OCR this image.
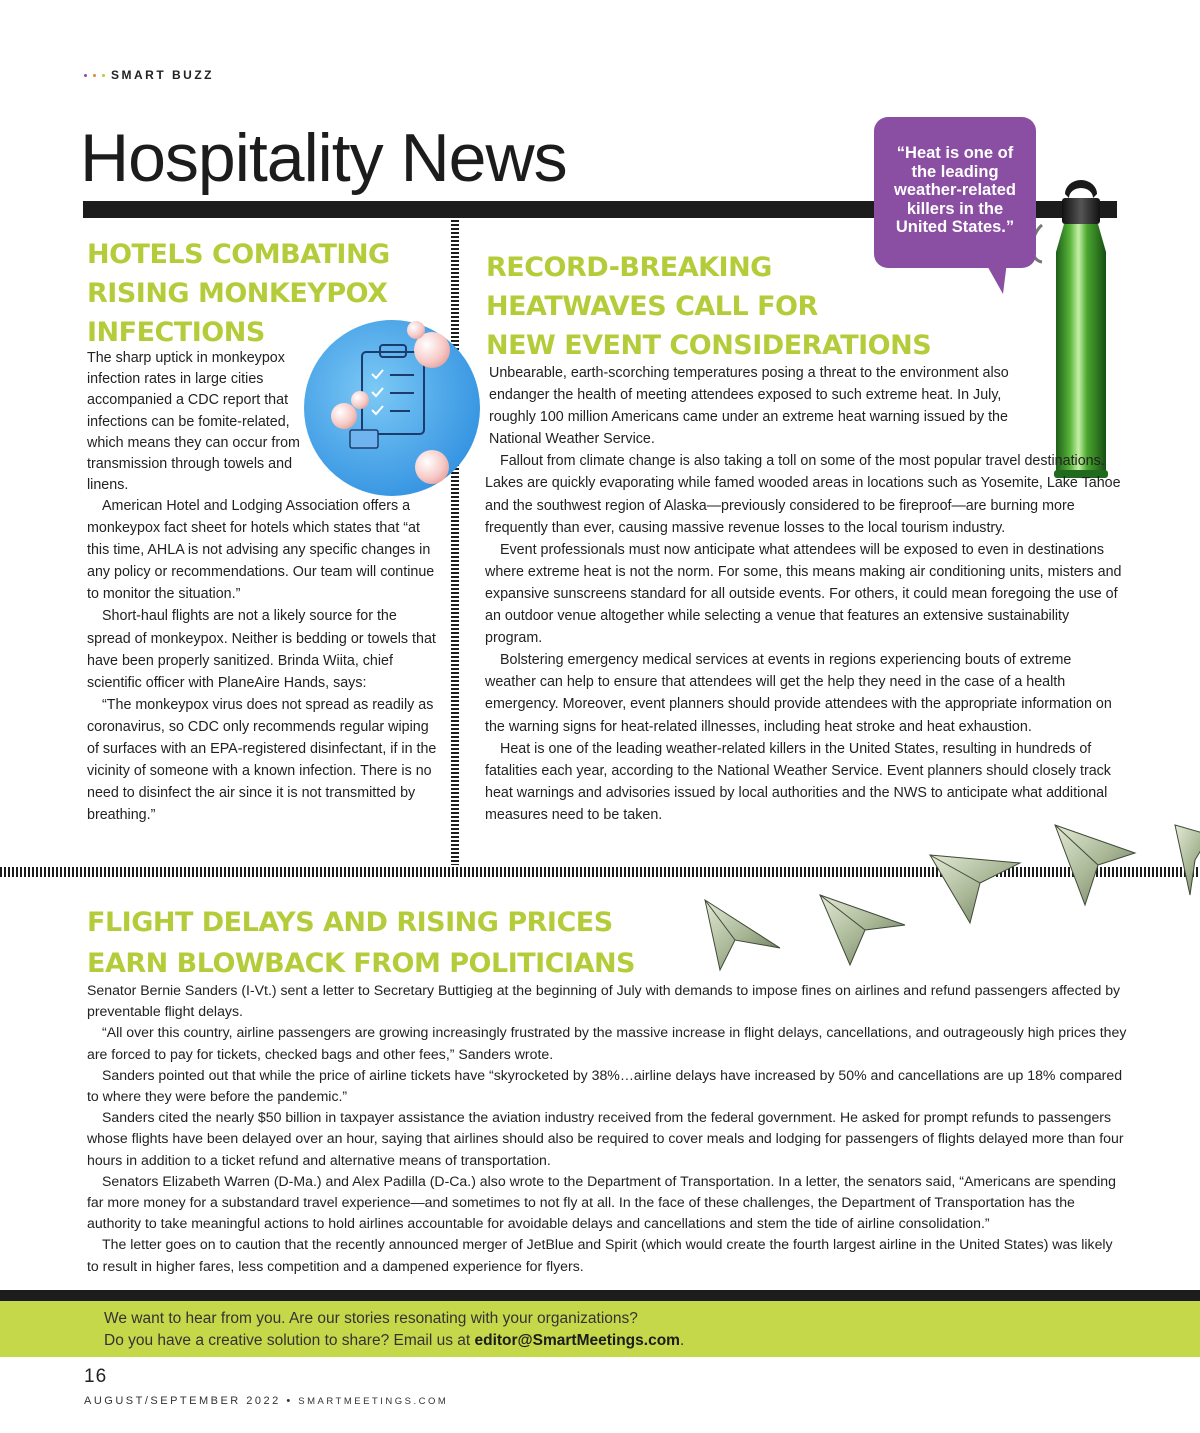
SMART BUZZ
Hospitality News	“Heat is one of the leading weather-related killers in the United States.”
HOTELS COMBATING
RISING MONKEYPOX
INFECTIONS

The sharp uptick in monkeypox infection rates in large cities accompanied a CDC report that infections can be fomite-related, which means they can occur from transmission through towels and linens.

American Hotel and Lodging Association offers a monkeypox fact sheet for hotels which states that “at this time, AHLA is not advising any specific changes in any policy or recommendations. Our team will continue to monitor the situation.”

Short-haul flights are not a likely source for the spread of monkeypox. Neither is bedding or towels that have been properly sanitized. Brinda Wiita, chief scientific officer with PlaneAire Hands, says:

“The monkeypox virus does not spread as readily as coronavirus, so CDC only recommends regular wiping of surfaces with an EPA-registered disinfectant, if in the vicinity of someone with a known infection. There is no need to disinfect the air since it is not transmitted by breathing.”

RECORD-BREAKING
HEATWAVES CALL FOR
NEW EVENT CONSIDERATIONS

Unbearable, earth-scorching temperatures posing a threat to the environment also endanger the health of meeting attendees exposed to such extreme heat. In July, roughly 100 million Americans came under an extreme heat warning issued by the National Weather Service.

Fallout from climate change is also taking a toll on some of the most popular travel destinations. Lakes are quickly evaporating while famed wooded areas in locations such as Yosemite, Lake Tahoe and the southwest region of Alaska—previously considered to be fireproof—are burning more frequently than ever, causing massive revenue losses to the local tourism industry.

Event professionals must now anticipate what attendees will be exposed to even in destinations where extreme heat is not the norm. For some, this means making air conditioning units, misters and expansive sunscreens standard for all outside events. For others, it could mean foregoing the use of an outdoor venue altogether while selecting a venue that features an extensive sustainability program.

Bolstering emergency medical services at events in regions experiencing bouts of extreme weather can help to ensure that attendees will get the help they need in the case of a health emergency. Moreover, event planners should provide attendees with the appropriate information on the warning signs for heat-related illnesses, including heat stroke and heat exhaustion.

Heat is one of the leading weather-related killers in the United States, resulting in hundreds of fatalities each year, according to the National Weather Service. Event planners should closely track heat warnings and advisories issued by local authorities and the NWS to anticipate what additional measures need to be taken.

FLIGHT DELAYS AND RISING PRICES
EARN BLOWBACK FROM POLITICIANS

Senator Bernie Sanders (I-Vt.) sent a letter to Secretary Buttigieg at the beginning of July with demands to impose fines on airlines and refund passengers affected by preventable flight delays.

“All over this country, airline passengers are growing increasingly frustrated by the massive increase in flight delays, cancellations, and outrageously high prices they are forced to pay for tickets, checked bags and other fees,” Sanders wrote.

Sanders pointed out that while the price of airline tickets have “skyrocketed by 38%…airline delays have increased by 50% and cancellations are up 18% compared to where they were before the pandemic.”

Sanders cited the nearly $50 billion in taxpayer assistance the aviation industry received from the federal government. He asked for prompt refunds to passengers whose flights have been delayed over an hour, saying that airlines should also be required to cover meals and lodging for passengers of flights delayed more than four hours in addition to a ticket refund and alternative means of transportation.

Senators Elizabeth Warren (D-Ma.) and Alex Padilla (D-Ca.) also wrote to the Department of Transportation. In a letter, the senators said, “Americans are spending far more money for a substandard travel experience—and sometimes to not fly at all. In the face of these challenges, the Department of Transportation has the authority to take meaningful actions to hold airlines accountable for avoidable delays and cancellations and stem the tide of airline consolidation.”

The letter goes on to caution that the recently announced merger of JetBlue and Spirit (which would create the fourth largest airline in the United States) was likely to result in higher fares, less competition and a dampened experience for flyers.

We want to hear from you. Are our stories resonating with your organizations?
Do you have a creative solution to share? Email us at editor@SmartMeetings.com.
16
AUGUST/SEPTEMBER 2022 • SMARTMEETINGS.COM
